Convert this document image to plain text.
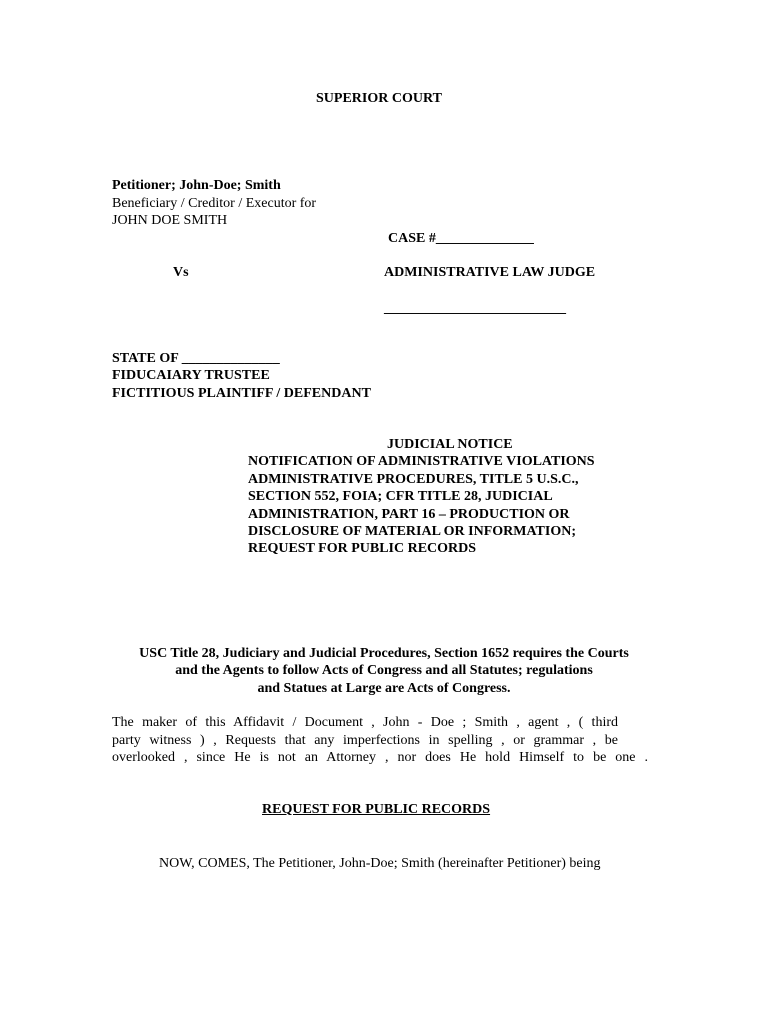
SUPERIOR COURT
Petitioner; John-Doe; Smith
Beneficiary / Creditor / Executor for
JOHN DOE SMITH
CASE #______________
Vs	ADMINISTRATIVE LAW JUDGE
__________________________
STATE OF ______________
FIDUCAIARY TRUSTEE
FICTITIOUS PLAINTIFF / DEFENDANT
JUDICIAL NOTICE
NOTIFICATION OF ADMINISTRATIVE VIOLATIONS
ADMINISTRATIVE PROCEDURES, TITLE 5 U.S.C.,
SECTION 552, FOIA; CFR TITLE 28, JUDICIAL
ADMINISTRATION, PART 16 – PRODUCTION OR
DISCLOSURE OF MATERIAL OR INFORMATION;
REQUEST FOR PUBLIC RECORDS
USC Title 28, Judiciary and Judicial Procedures, Section 1652 requires the Courts
and the Agents to follow Acts of Congress and all Statutes; regulations
and Statues at Large are Acts of Congress.
The maker of this Affidavit / Document , John - Doe ; Smith , agent , ( third
party witness ) , Requests that any imperfections in spelling , or grammar , be
overlooked , since He is not an Attorney , nor does He hold Himself to be one .
REQUEST FOR PUBLIC RECORDS
NOW, COMES, The Petitioner, John-Doe; Smith (hereinafter Petitioner) being
